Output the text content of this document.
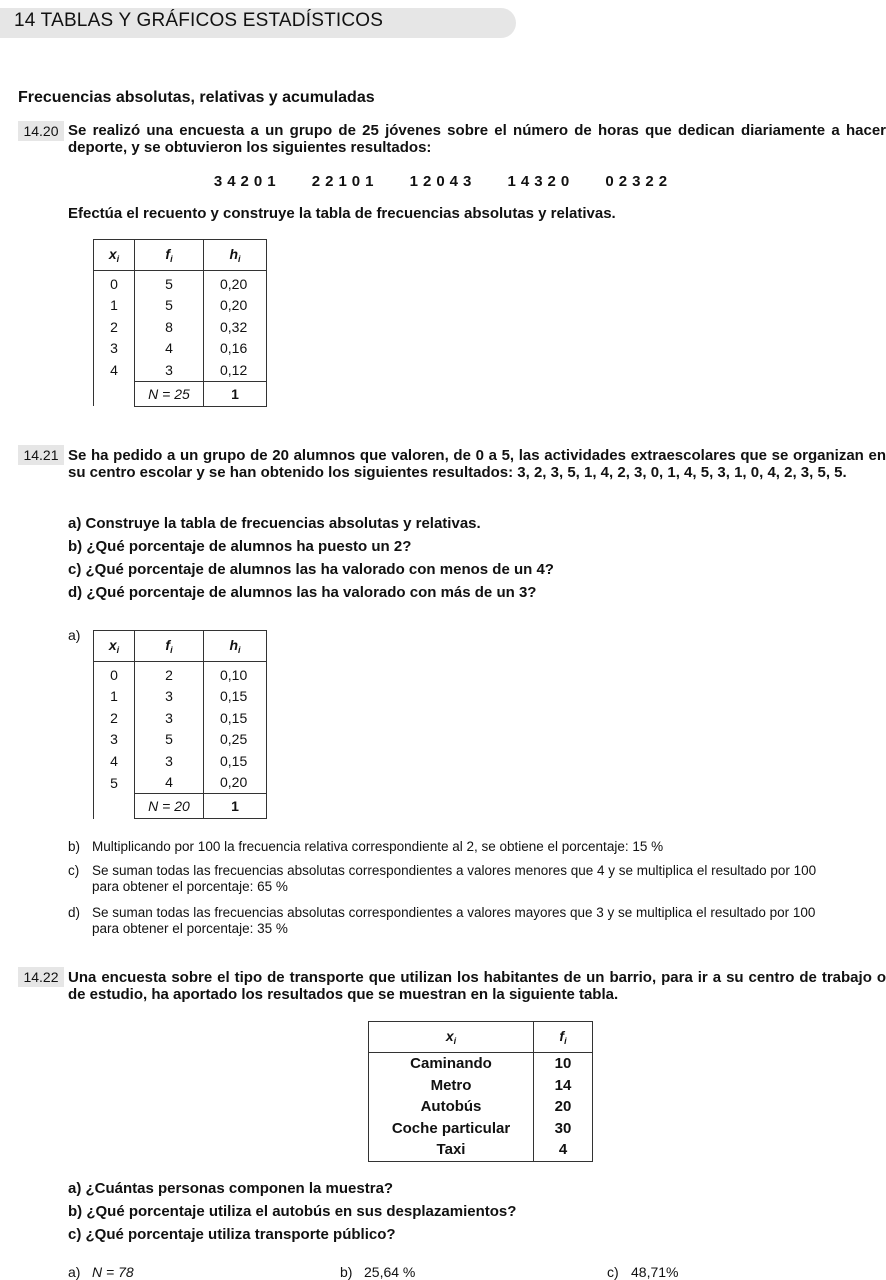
14 TABLAS Y GRÁFICOS ESTADÍSTICOS
Frecuencias absolutas, relativas y acumuladas
14.20 Se realizó una encuesta a un grupo de 25 jóvenes sobre el número de horas que dedican diariamente a hacer deporte, y se obtuvieron los siguientes resultados:
34201 22101 12043 14320 02322
Efectúa el recuento y construye la tabla de frecuencias absolutas y relativas.
$x_i$	$f_i$	$h_i$
0	5	0,20
1	5	0,20
2	8	0,32
3	4	0,16
4	3	0,12
	N = 25	1
14.21 Se ha pedido a un grupo de 20 alumnos que valoren, de 0 a 5, las actividades extraescolares que se organizan en su centro escolar y se han obtenido los siguientes resultados: 3, 2, 3, 5, 1, 4, 2, 3, 0, 1, 4, 5, 3, 1, 0, 4, 2, 3, 5, 5.
a) Construye la tabla de frecuencias absolutas y relativas.
b) ¿Qué porcentaje de alumnos ha puesto un 2?
c) ¿Qué porcentaje de alumnos las ha valorado con menos de un 4?
d) ¿Qué porcentaje de alumnos las ha valorado con más de un 3?
a)
$x_i$	$f_i$	$h_i$
0	2	0,10
1	3	0,15
2	3	0,15
3	5	0,25
4	3	0,15
5	4	0,20
	N = 20	1
b) Multiplicando por 100 la frecuencia relativa correspondiente al 2, se obtiene el porcentaje: 15 %
c) Se suman todas las frecuencias absolutas correspondientes a valores menores que 4 y se multiplica el resultado por 100
para obtener el porcentaje: 65 %
d) Se suman todas las frecuencias absolutas correspondientes a valores mayores que 3 y se multiplica el resultado por 100
para obtener el porcentaje: 35 %
14.22 Una encuesta sobre el tipo de transporte que utilizan los habitantes de un barrio, para ir a su centro de trabajo o de estudio, ha aportado los resultados que se muestran en la siguiente tabla.
$x_i$	$f_i$
Caminando	10
Metro	14
Autobús	20
Coche particular	30
Taxi	4
a) ¿Cuántas personas componen la muestra?
b) ¿Qué porcentaje utiliza el autobús en sus desplazamientos?
c) ¿Qué porcentaje utiliza transporte público?
a) N = 78	b) 25,64 %	c) 48,71%
